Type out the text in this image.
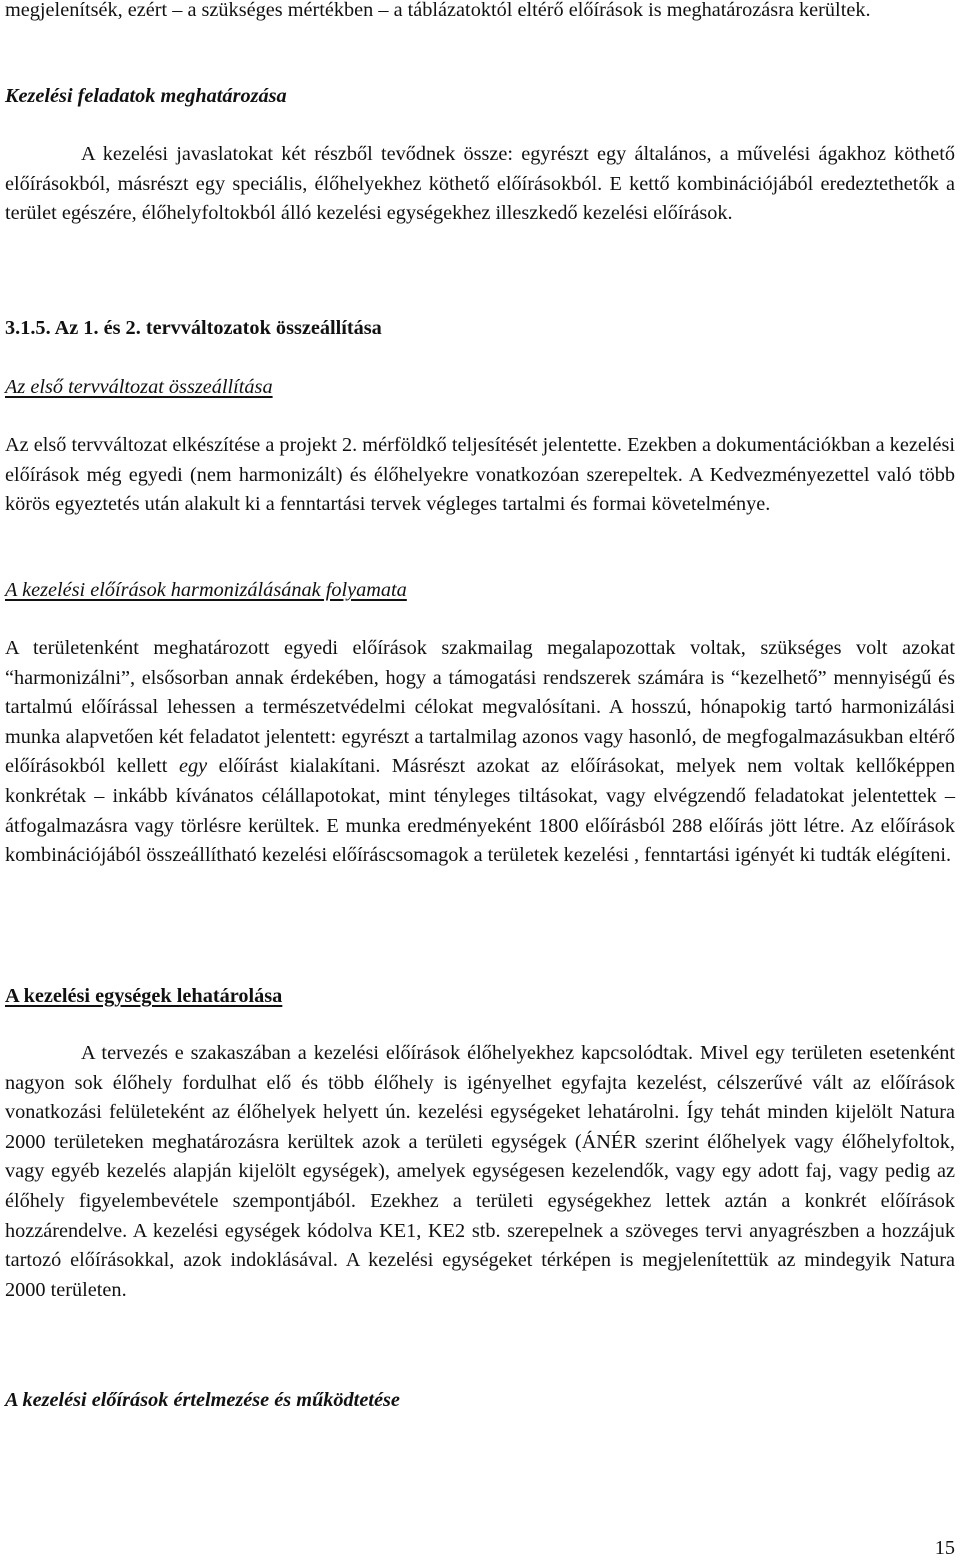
megjelenítsék, ezért – a szükséges mértékben – a táblázatoktól eltérő előírások is meghatározásra kerültek.

Kezelési feladatok meghatározása

A kezelési javaslatokat két részből tevődnek össze: egyrészt egy általános, a művelési ágakhoz köthető előírásokból, másrészt egy speciális, élőhelyekhez köthető előírásokból. E kettő kombinációjából eredeztethetők a terület egészére, élőhelyfoltokból álló kezelési egységekhez illeszkedő kezelési előírások.

3.1.5. Az 1. és 2. tervváltozatok összeállítása

Az első tervváltozat összeállítása

Az első tervváltozat elkészítése a projekt 2. mérföldkő teljesítését jelentette. Ezekben a dokumentációkban a kezelési előírások még egyedi (nem harmonizált) és élőhelyekre vonatkozóan szerepeltek. A Kedvezményezettel való több körös egyeztetés után alakult ki a fenntartási tervek végleges tartalmi és formai követelménye.

A kezelési előírások harmonizálásának folyamata

A területenként meghatározott egyedi előírások szakmailag megalapozottak voltak, szükséges volt azokat “harmonizálni”, elsősorban annak érdekében, hogy a támogatási rendszerek számára is “kezelhető” mennyiségű és tartalmú előírással lehessen a természetvédelmi célokat megvalósítani. A hosszú, hónapokig tartó harmonizálási munka alapvetően két feladatot jelentett: egyrészt a tartalmilag azonos vagy hasonló, de megfogalmazásukban eltérő előírásokból kellett egy előírást kialakítani. Másrészt azokat az előírásokat, melyek nem voltak kellőképpen konkrétak – inkább kívánatos célállapotokat, mint tényleges tiltásokat, vagy elvégzendő feladatokat jelentettek – átfogalmazásra vagy törlésre kerültek. E munka eredményeként 1800 előírásból 288 előírás jött létre. Az előírások kombinációjából összeállítható kezelési előíráscsomagok a területek kezelési , fenntartási igényét ki tudták elégíteni.

A kezelési egységek lehatárolása

A tervezés e szakaszában a kezelési előírások élőhelyekhez kapcsolódtak. Mivel egy területen esetenként nagyon sok élőhely fordulhat elő és több élőhely is igényelhet egyfajta kezelést, célszerűvé vált az előírások vonatkozási felületeként az élőhelyek helyett ún. kezelési egységeket lehatárolni. Így tehát minden kijelölt Natura 2000 területeken meghatározásra kerültek azok a területi egységek (ÁNÉR szerint élőhelyek vagy élőhelyfoltok, vagy egyéb kezelés alapján kijelölt egységek), amelyek egységesen kezelendők, vagy egy adott faj, vagy pedig az élőhely figyelembevétele szempontjából. Ezekhez a területi egységekhez lettek aztán a konkrét előírások hozzárendelve. A kezelési egységek kódolva KE1, KE2 stb. szerepelnek a szöveges tervi anyagrészben a hozzájuk tartozó előírásokkal, azok indoklásával. A kezelési egységeket térképen is megjelenítettük az mindegyik Natura 2000 területen.

A kezelési előírások értelmezése és működtetése

15
